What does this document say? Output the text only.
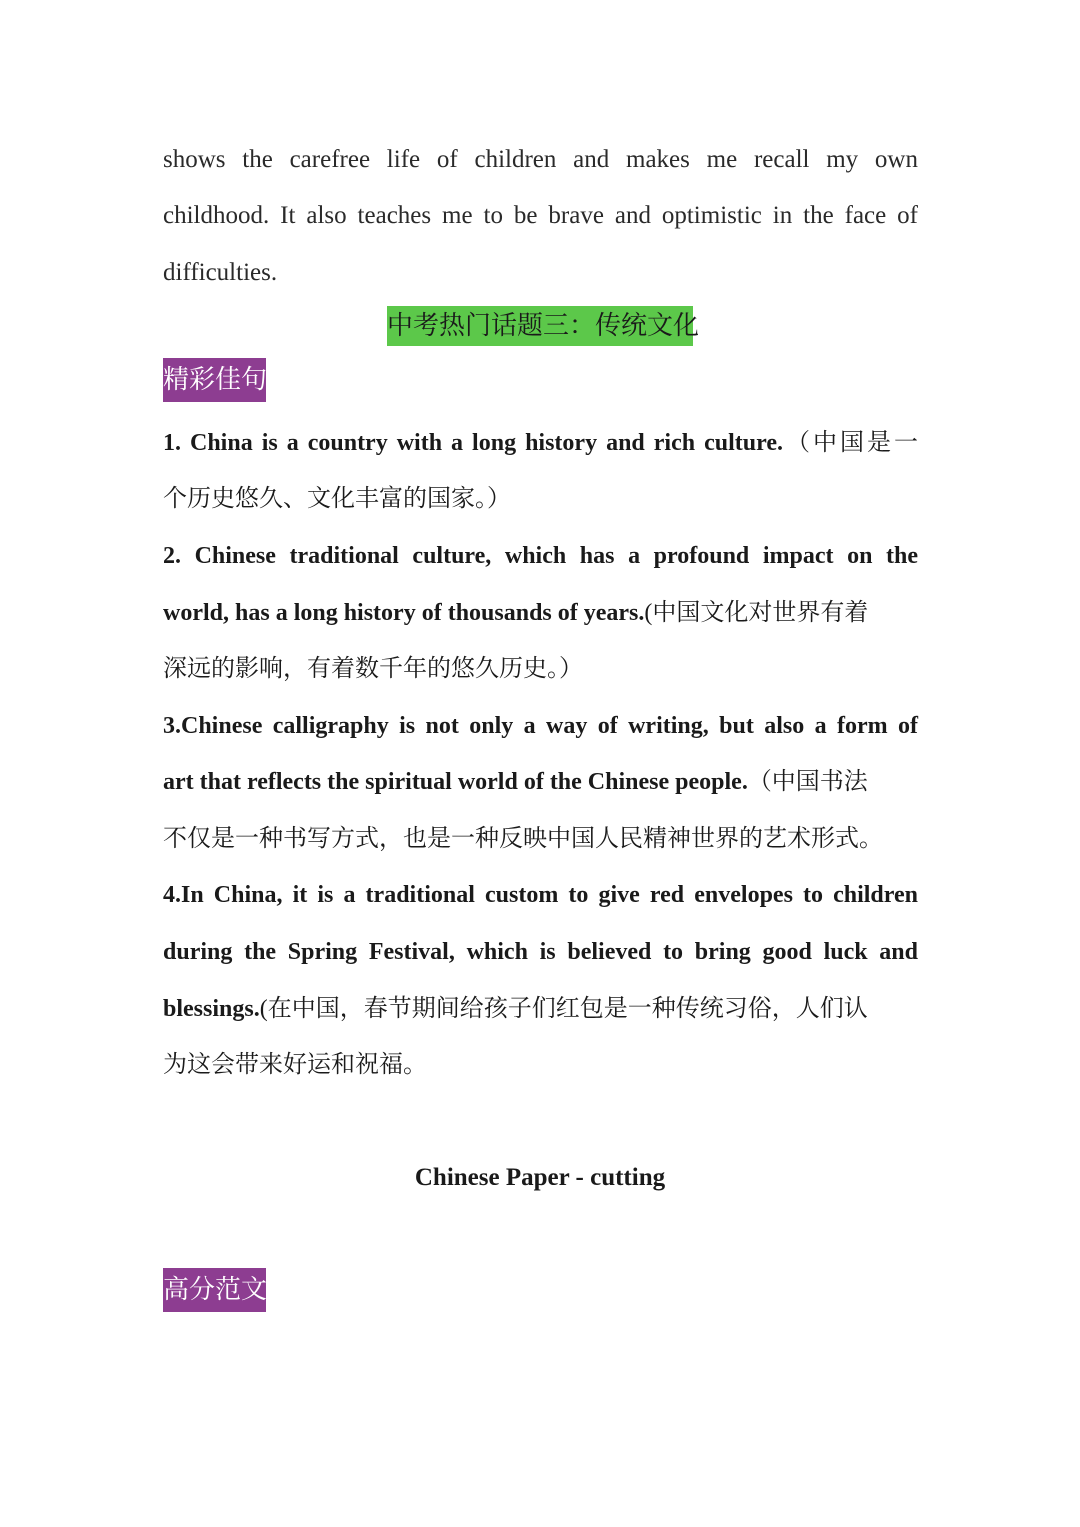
shows the carefree life of children and makes me recall my own
childhood. It also teaches me to be brave and optimistic in the face of
difficulties.
中考热门话题三：传统文化
精彩佳句
1. China is a country with a long history and rich culture.（中国是一
个历史悠久、文化丰富的国家。）
2. Chinese traditional culture, which has a profound impact on the
world, has a long history of thousands of years.(中国文化对世界有着
深远的影响，有着数千年的悠久历史。）
3.Chinese calligraphy is not only a way of writing, but also a form of
art that reflects the spiritual world of the Chinese people.（中国书法
不仅是一种书写方式，也是一种反映中国人民精神世界的艺术形式。
4.In China, it is a traditional custom to give red envelopes to children
during the Spring Festival, which is believed to bring good luck and
blessings.(在中国，春节期间给孩子们红包是一种传统习俗，人们认
为这会带来好运和祝福。
Chinese Paper - cutting
高分范文
